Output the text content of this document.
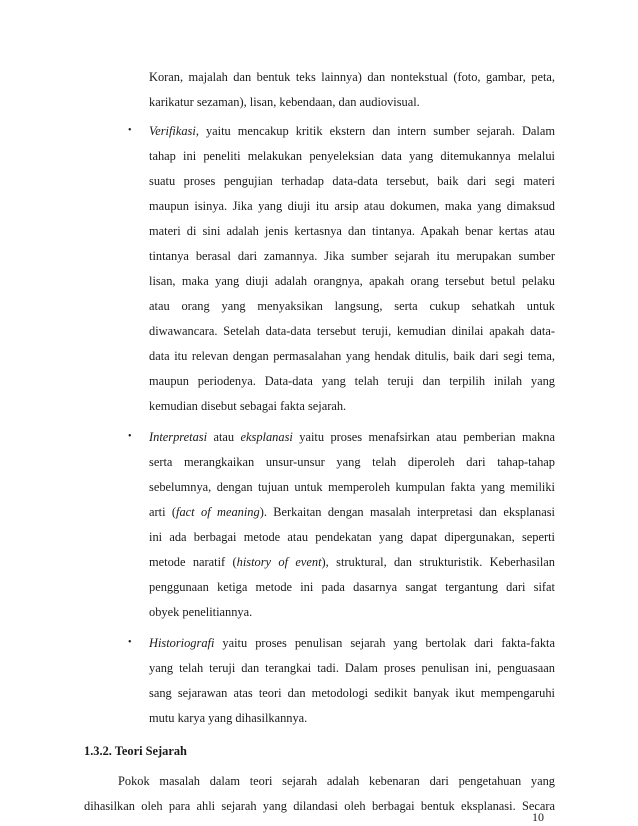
Koran, majalah dan bentuk teks lainnya) dan nontekstual (foto, gambar, peta,
karikatur sezaman), lisan, kebendaan, dan audiovisual.
• Verifikasi, yaitu mencakup kritik ekstern dan intern sumber sejarah. Dalam
tahap ini peneliti melakukan penyeleksian data yang ditemukannya melalui
suatu proses pengujian terhadap data-data tersebut, baik dari segi materi
maupun isinya. Jika yang diuji itu arsip atau dokumen, maka yang dimaksud
materi di sini adalah jenis kertasnya dan tintanya. Apakah benar kertas atau
tintanya berasal dari zamannya. Jika sumber sejarah itu merupakan sumber
lisan, maka yang diuji adalah orangnya, apakah orang tersebut betul pelaku
atau orang yang menyaksikan langsung, serta cukup sehatkah untuk
diwawancara. Setelah data-data tersebut teruji, kemudian dinilai apakah data-
data itu relevan dengan permasalahan yang hendak ditulis, baik dari segi tema,
maupun periodenya. Data-data yang telah teruji dan terpilih inilah yang
kemudian disebut sebagai fakta sejarah.
• Interpretasi atau eksplanasi yaitu proses menafsirkan atau pemberian makna
serta merangkaikan unsur-unsur yang telah diperoleh dari tahap-tahap
sebelumnya, dengan tujuan untuk memperoleh kumpulan fakta yang memiliki
arti (fact of meaning). Berkaitan dengan masalah interpretasi dan eksplanasi
ini ada berbagai metode atau pendekatan yang dapat dipergunakan, seperti
metode naratif (history of event), struktural, dan strukturistik. Keberhasilan
penggunaan ketiga metode ini pada dasarnya sangat tergantung dari sifat
obyek penelitiannya.
• Historiografi yaitu proses penulisan sejarah yang bertolak dari fakta-fakta
yang telah teruji dan terangkai tadi. Dalam proses penulisan ini, penguasaan
sang sejarawan atas teori dan metodologi sedikit banyak ikut mempengaruhi
mutu karya yang dihasilkannya.
1.3.2. Teori Sejarah
Pokok masalah dalam teori sejarah adalah kebenaran dari pengetahuan yang
dihasilkan oleh para ahli sejarah yang dilandasi oleh berbagai bentuk eksplanasi. Secara
10
